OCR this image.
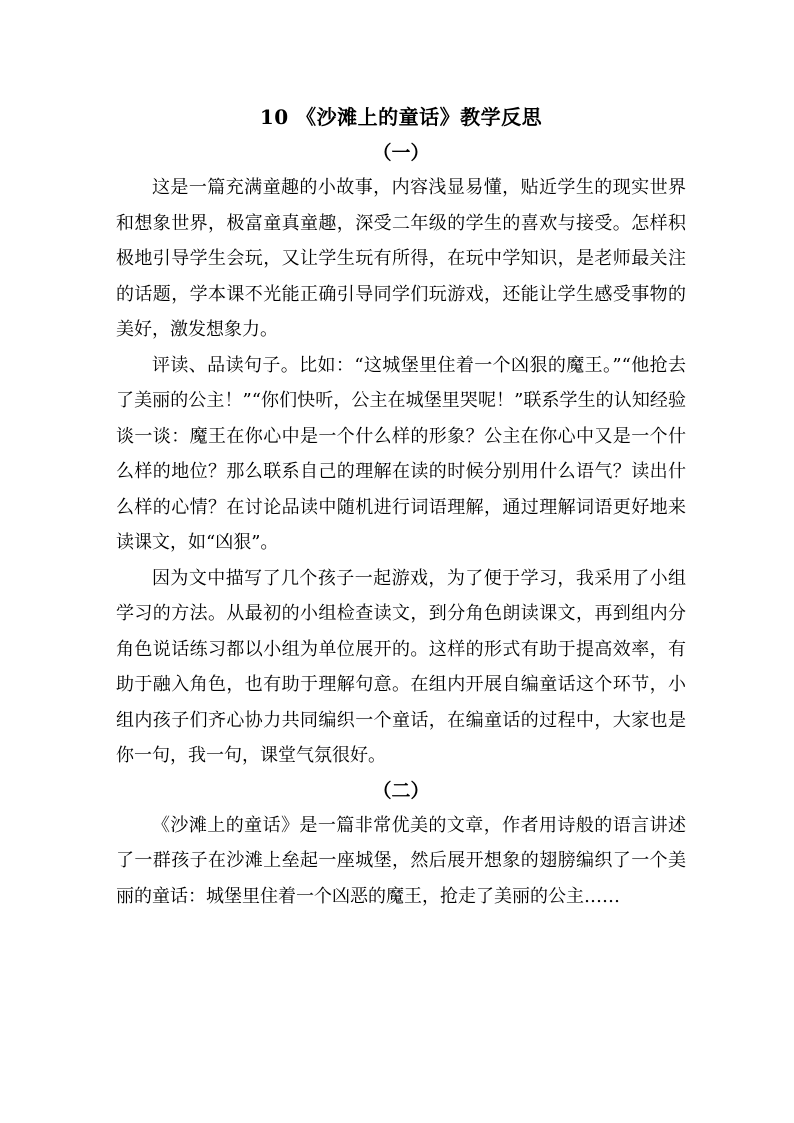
10 《沙滩上的童话》教学反思
（一）

这是一篇充满童趣的小故事，内容浅显易懂，贴近学生的现实世界和想象世界，极富童真童趣，深受二年级的学生的喜欢与接受。怎样积极地引导学生会玩，又让学生玩有所得，在玩中学知识，是老师最关注的话题，学本课不光能正确引导同学们玩游戏，还能让学生感受事物的美好，激发想象力。

评读、品读句子。比如：“这城堡里住着一个凶狠的魔王。”“他抢去了美丽的公主！”“你们快听，公主在城堡里哭呢！”联系学生的认知经验谈一谈：魔王在你心中是一个什么样的形象？公主在你心中又是一个什么样的地位？那么联系自己的理解在读的时候分别用什么语气？读出什么样的心情？在讨论品读中随机进行词语理解，通过理解词语更好地来读课文，如“凶狠”。

因为文中描写了几个孩子一起游戏，为了便于学习，我采用了小组学习的方法。从最初的小组检查读文，到分角色朗读课文，再到组内分角色说话练习都以小组为单位展开的。这样的形式有助于提高效率，有助于融入角色，也有助于理解句意。在组内开展自编童话这个环节，小组内孩子们齐心协力共同编织一个童话，在编童话的过程中，大家也是你一句，我一句，课堂气氛很好。

（二）

《沙滩上的童话》是一篇非常优美的文章，作者用诗般的语言讲述了一群孩子在沙滩上垒起一座城堡，然后展开想象的翅膀编织了一个美丽的童话：城堡里住着一个凶恶的魔王，抢走了美丽的公主……
